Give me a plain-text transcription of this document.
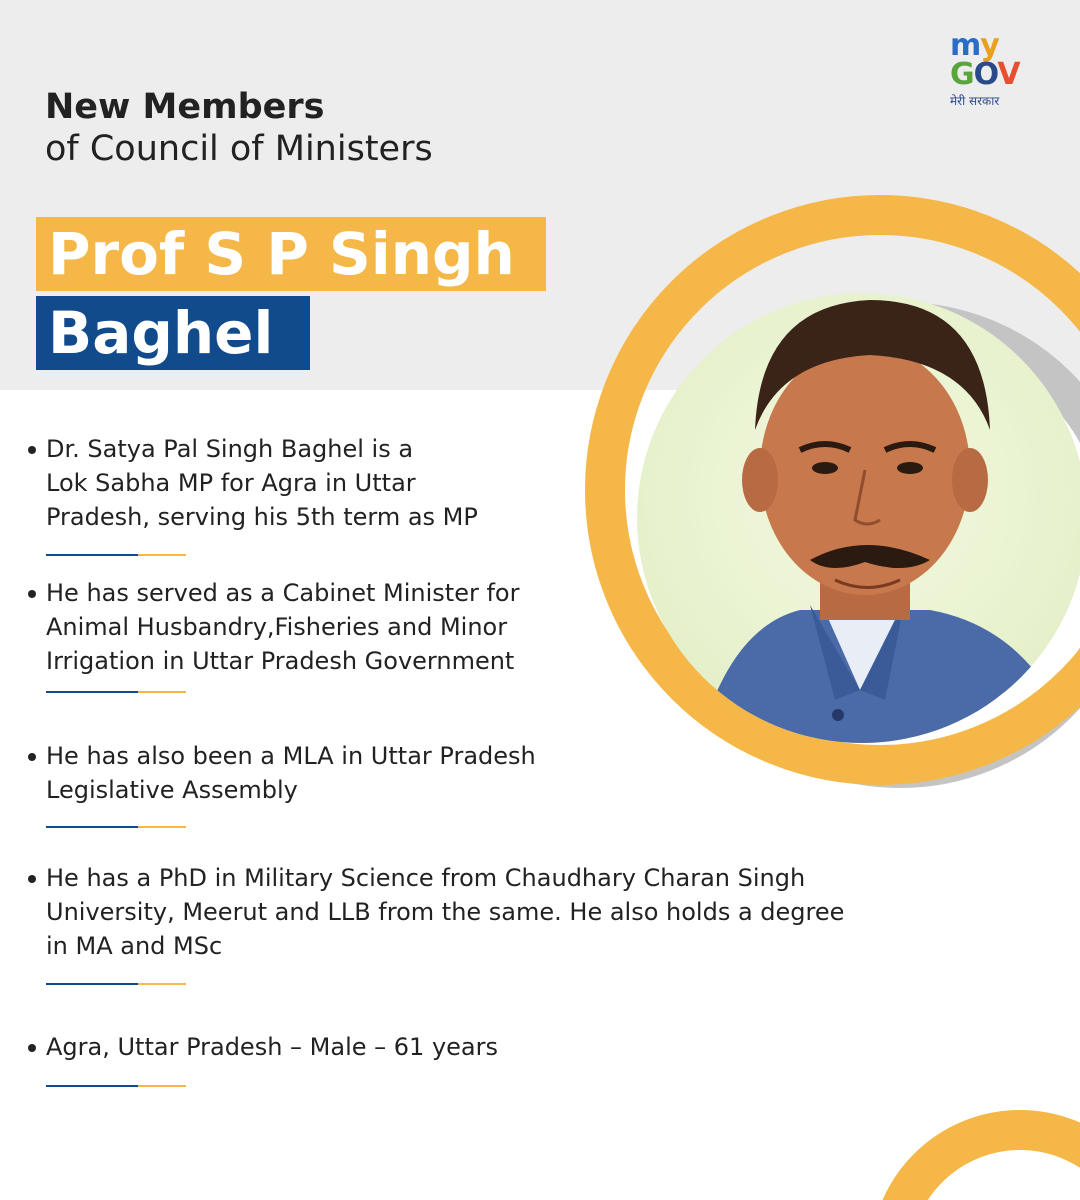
my
GOV
मेरी सरकार
New Members
of Council of Ministers
Prof S P Singh
Baghel
Dr. Satya Pal Singh Baghel is a
Lok Sabha MP for Agra in Uttar
Pradesh, serving his 5th term as MP
He has served as a Cabinet Minister for
Animal Husbandry,Fisheries and Minor
Irrigation in Uttar Pradesh Government
He has also been a MLA in Uttar Pradesh
Legislative Assembly
He has a PhD in Military Science from Chaudhary Charan Singh
University, Meerut and LLB from the same. He also holds a degree
in MA and MSc
Agra, Uttar Pradesh – Male – 61 years
